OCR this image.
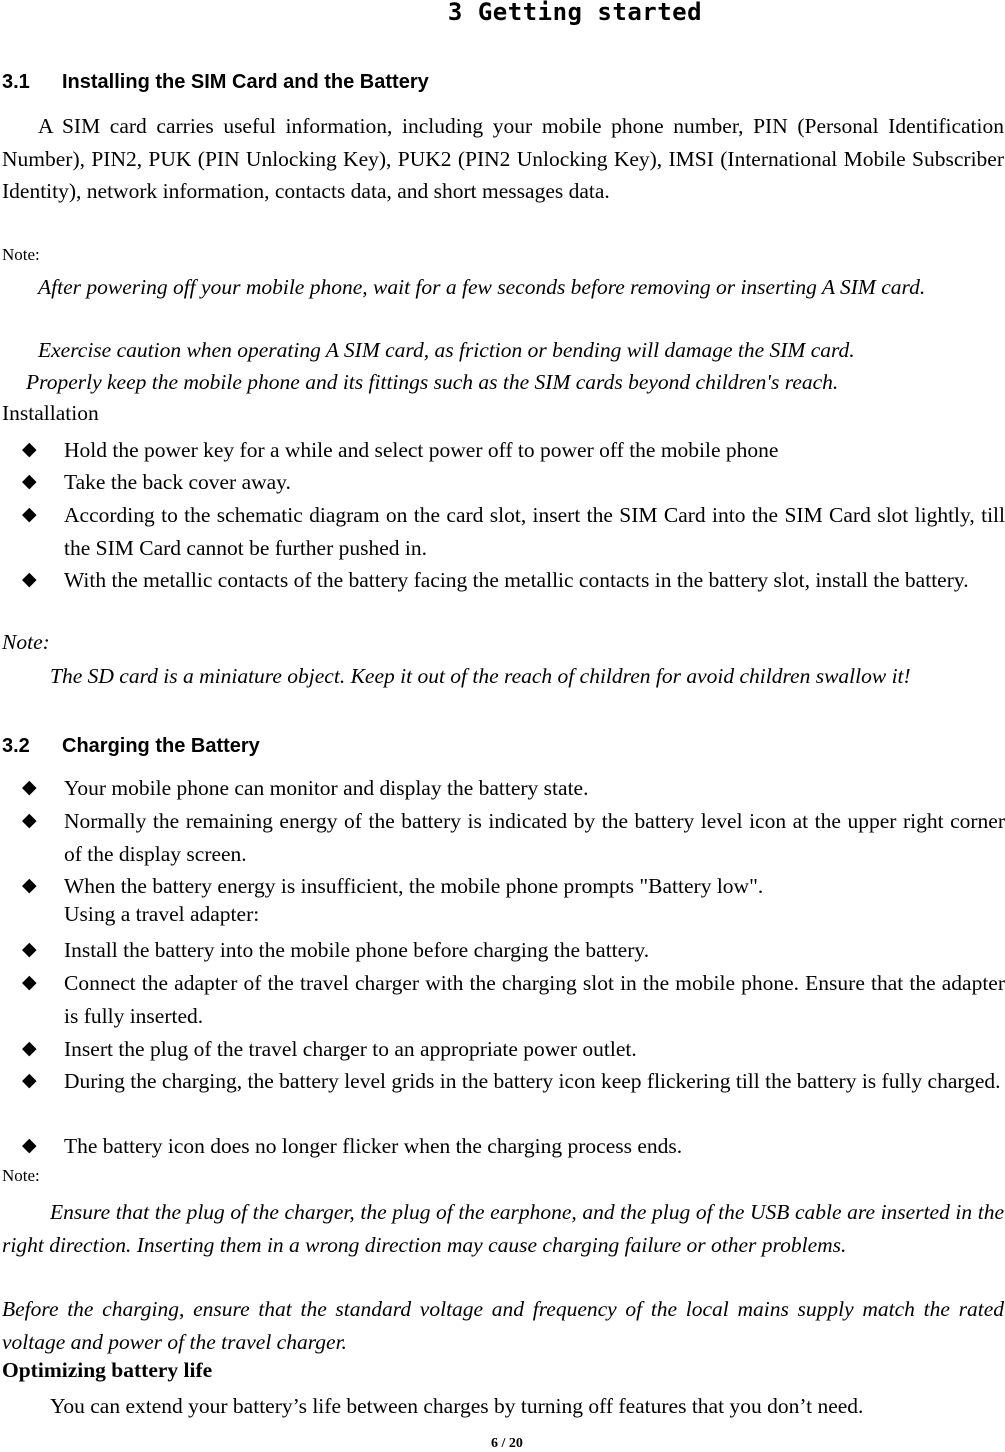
3 Getting started
3.1 Installing the SIM Card and the Battery
A SIM card carries useful information, including your mobile phone number, PIN (Personal Identification Number), PIN2, PUK (PIN Unlocking Key), PUK2 (PIN2 Unlocking Key), IMSI (International Mobile Subscriber Identity), network information, contacts data, and short messages data.
Note:
After powering off your mobile phone, wait for a few seconds before removing or inserting A SIM card.
Exercise caution when operating A SIM card, as friction or bending will damage the SIM card.
Properly keep the mobile phone and its fittings such as the SIM cards beyond children's reach.
Installation
◆ Hold the power key for a while and select power off to power off the mobile phone
◆ Take the back cover away.
◆ According to the schematic diagram on the card slot, insert the SIM Card into the SIM Card slot lightly, till the SIM Card cannot be further pushed in.
◆ With the metallic contacts of the battery facing the metallic contacts in the battery slot, install the battery.
Note:
The SD card is a miniature object. Keep it out of the reach of children for avoid children swallow it!
3.2 Charging the Battery
◆ Your mobile phone can monitor and display the battery state.
◆ Normally the remaining energy of the battery is indicated by the battery level icon at the upper right corner of the display screen.
◆ When the battery energy is insufficient, the mobile phone prompts "Battery low".
Using a travel adapter:
◆ Install the battery into the mobile phone before charging the battery.
◆ Connect the adapter of the travel charger with the charging slot in the mobile phone. Ensure that the adapter is fully inserted.
◆ Insert the plug of the travel charger to an appropriate power outlet.
◆ During the charging, the battery level grids in the battery icon keep flickering till the battery is fully charged.
◆ The battery icon does no longer flicker when the charging process ends.
Note:
Ensure that the plug of the charger, the plug of the earphone, and the plug of the USB cable are inserted in the right direction. Inserting them in a wrong direction may cause charging failure or other problems.
Before the charging, ensure that the standard voltage and frequency of the local mains supply match the rated voltage and power of the travel charger.
Optimizing battery life
You can extend your battery’s life between charges by turning off features that you don’t need.
6 / 20
